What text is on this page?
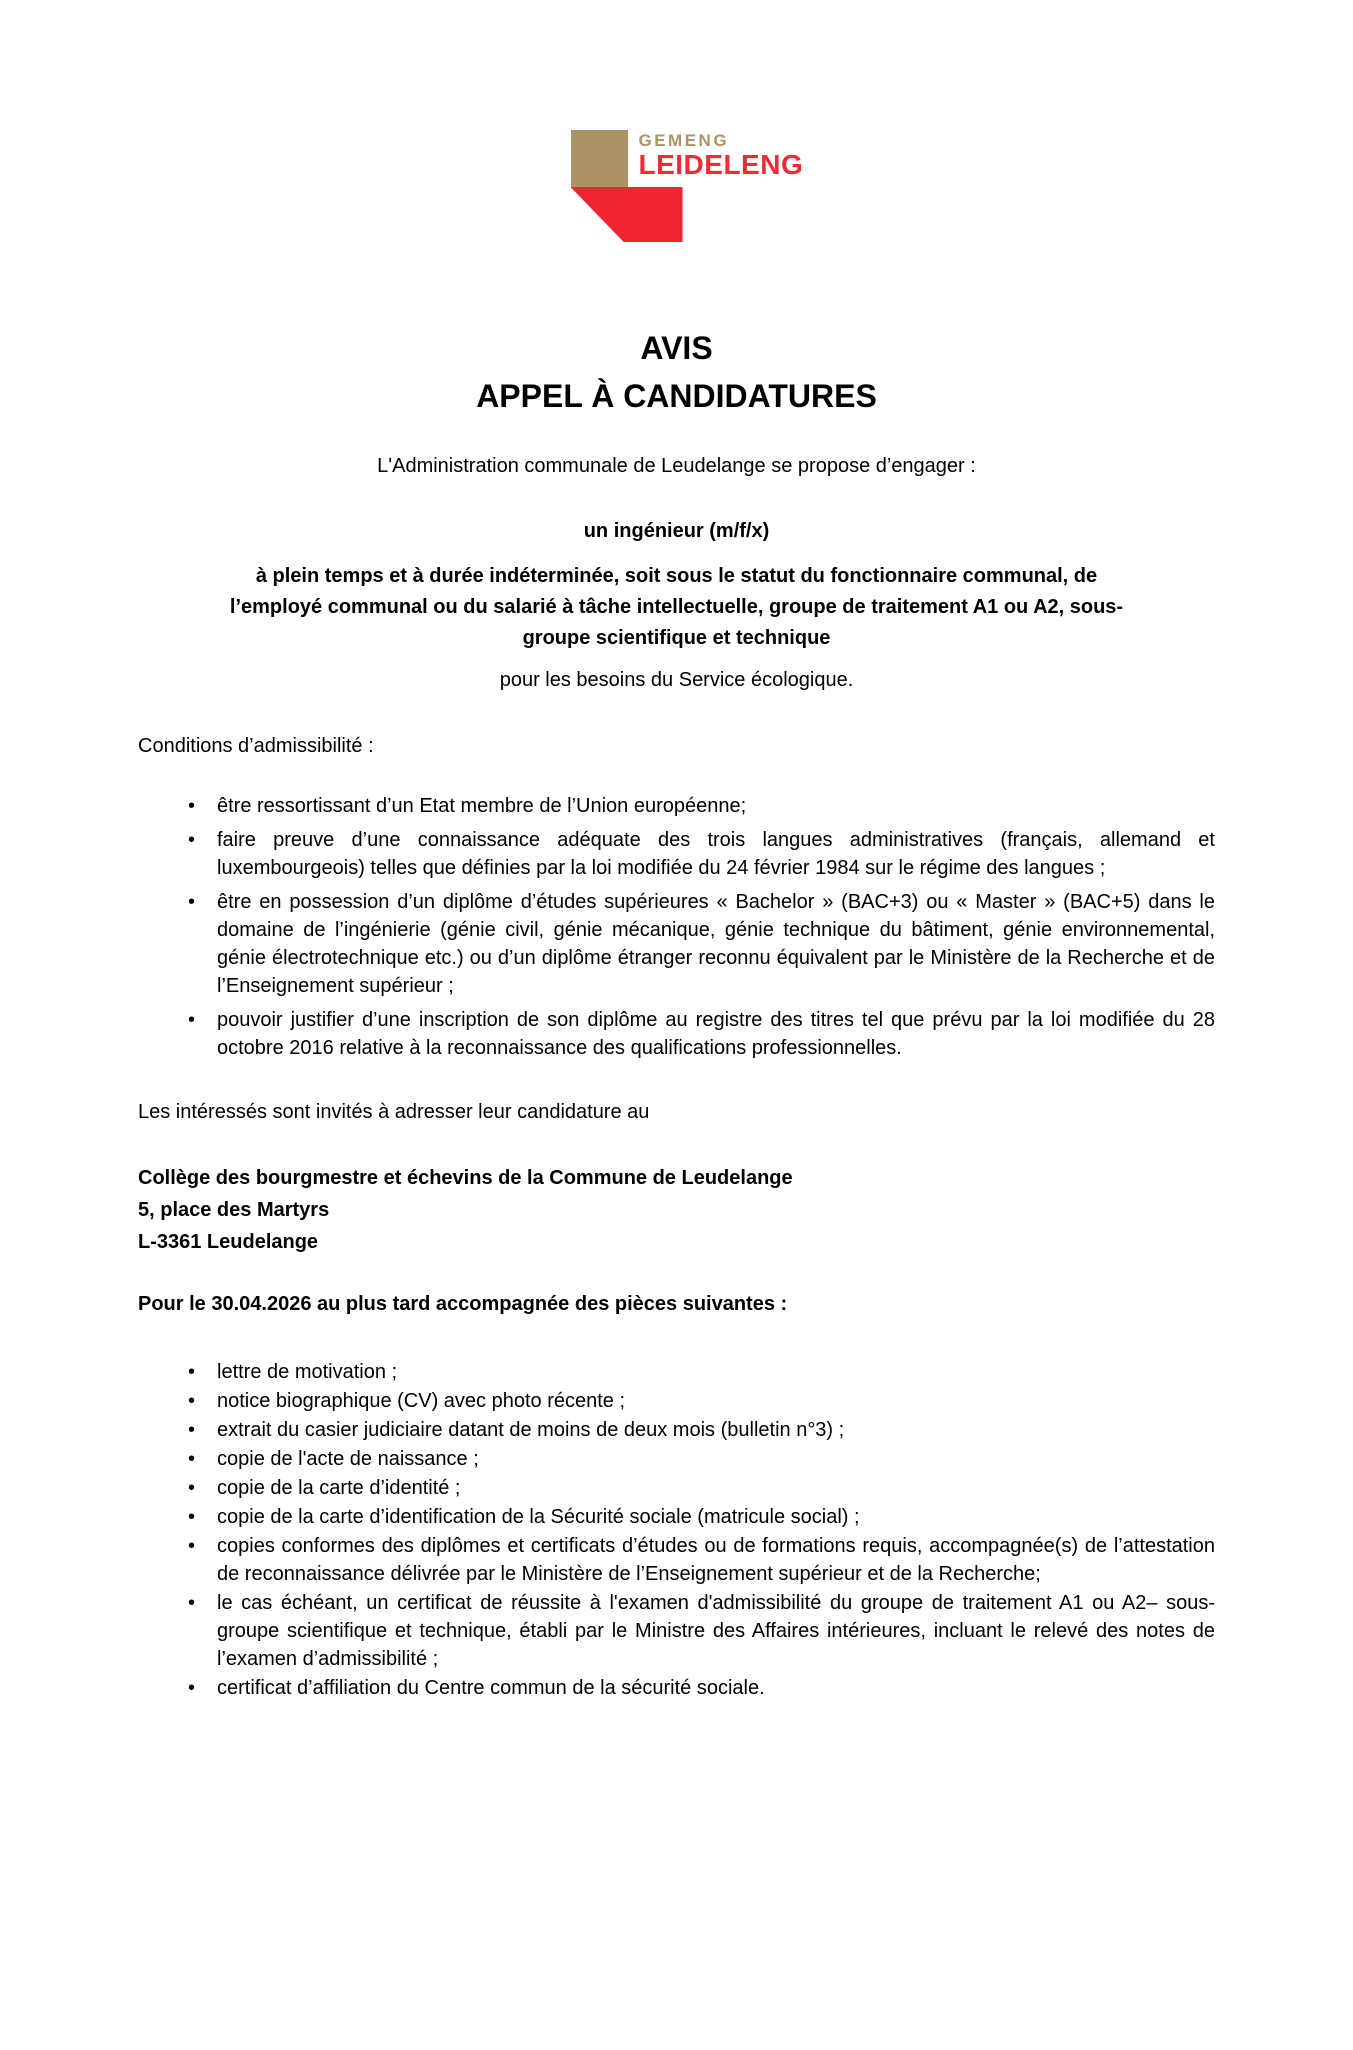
GEMENG
LEIDELENG
AVIS
APPEL À CANDIDATURES

L'Administration communale de Leudelange se propose d’engager :

un ingénieur (m/f/x)

à plein temps et à durée indéterminée, soit sous le statut du fonctionnaire communal, de
l’employé communal ou du salarié à tâche intellectuelle, groupe de traitement A1 ou A2, sous-
groupe scientifique et technique

pour les besoins du Service écologique.

Conditions d’admissibilité :

•	être ressortissant d’un Etat membre de l’Union européenne;
•	faire preuve d’une connaissance adéquate des trois langues administratives (français, allemand et luxembourgeois) telles que définies par la loi modifiée du 24 février 1984 sur le régime des langues ;
•	être en possession d’un diplôme d’études supérieures « Bachelor » (BAC+3) ou « Master » (BAC+5) dans le domaine de l’ingénierie (génie civil, génie mécanique, génie technique du bâtiment, génie environnemental, génie électrotechnique etc.) ou d’un diplôme étranger reconnu équivalent par le Ministère de la Recherche et de l’Enseignement supérieur ;
•	pouvoir justifier d’une inscription de son diplôme au registre des titres tel que prévu par la loi modifiée du 28 octobre 2016 relative à la reconnaissance des qualifications professionnelles.

Les intéressés sont invités à adresser leur candidature au

Collège des bourgmestre et échevins de la Commune de Leudelange
5, place des Martyrs
L-3361 Leudelange

Pour le 30.04.2026 au plus tard accompagnée des pièces suivantes :

•	lettre de motivation ;
•	notice biographique (CV) avec photo récente ;
•	extrait du casier judiciaire datant de moins de deux mois (bulletin n°3) ;
•	copie de l'acte de naissance ;
•	copie de la carte d’identité ;
•	copie de la carte d’identification de la Sécurité sociale (matricule social) ;
•	copies conformes des diplômes et certificats d’études ou de formations requis, accompagnée(s) de l’attestation de reconnaissance délivrée par le Ministère de l’Enseignement supérieur et de la Recherche;
•	le cas échéant, un certificat de réussite à l'examen d'admissibilité du groupe de traitement A1 ou A2– sous-groupe scientifique et technique, établi par le Ministre des Affaires intérieures, incluant le relevé des notes de l’examen d’admissibilité ;
•	certificat d’affiliation du Centre commun de la sécurité sociale.
